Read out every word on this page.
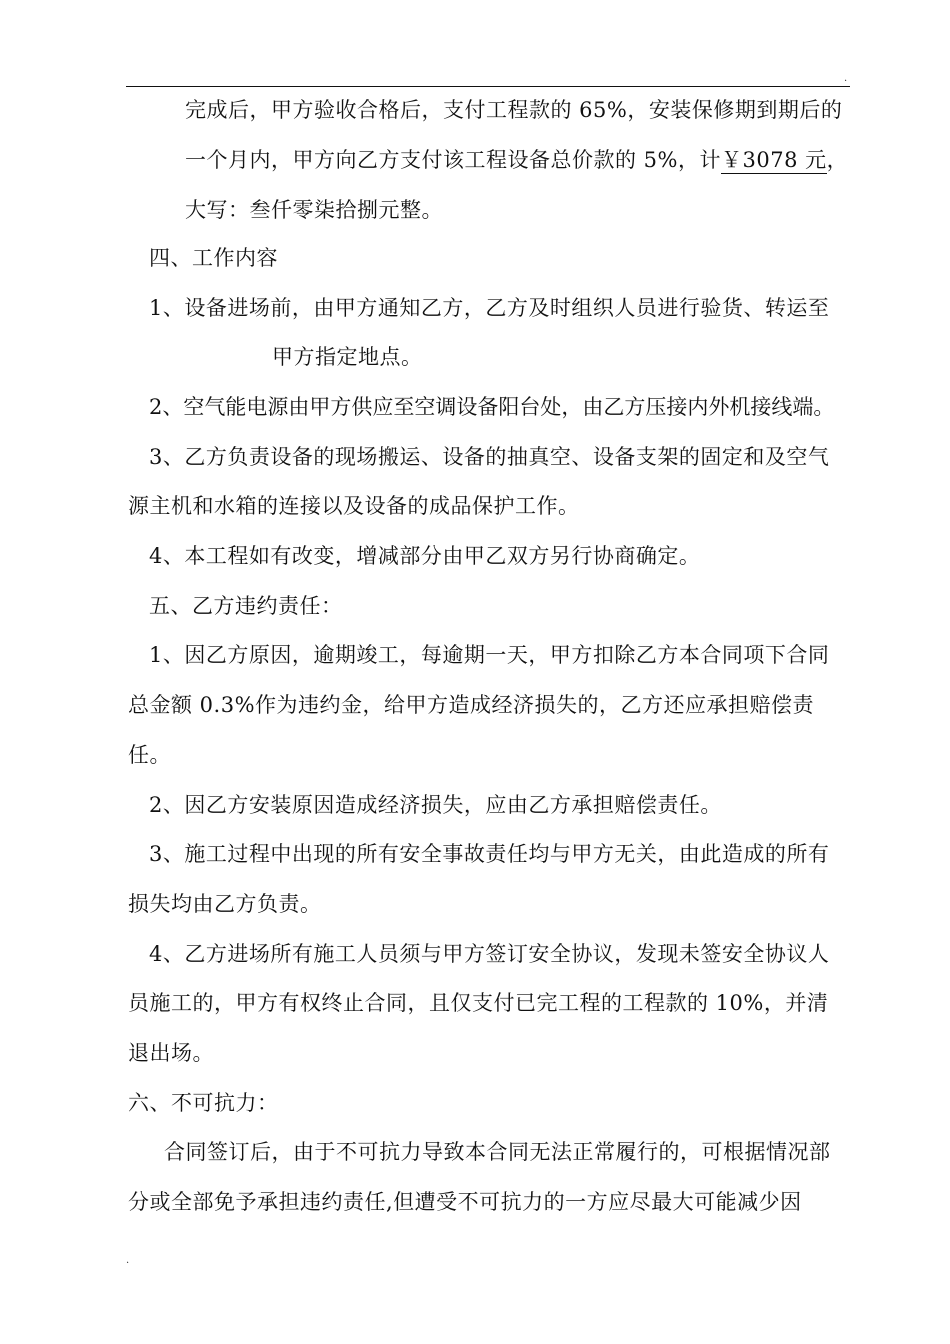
.
完成后，甲方验收合格后，支付工程款的 65%，安装保修期到期后的
一个月内，甲方向乙方支付该工程设备总价款的 5%，计￥3078 元，
大写：叁仟零柒拾捌元整。
四、工作内容
1、设备进场前，由甲方通知乙方，乙方及时组织人员进行验货、转运至
甲方指定地点。
2、空气能电源由甲方供应至空调设备阳台处，由乙方压接内外机接线端。
3、乙方负责设备的现场搬运、设备的抽真空、设备支架的固定和及空气
源主机和水箱的连接以及设备的成品保护工作。
4、本工程如有改变，增减部分由甲乙双方另行协商确定。
五、乙方违约责任：
1、因乙方原因，逾期竣工，每逾期一天，甲方扣除乙方本合同项下合同
总金额 0.3%作为违约金，给甲方造成经济损失的，乙方还应承担赔偿责
任。
2、因乙方安装原因造成经济损失，应由乙方承担赔偿责任。
3、施工过程中出现的所有安全事故责任均与甲方无关，由此造成的所有
损失均由乙方负责。
4、乙方进场所有施工人员须与甲方签订安全协议，发现未签安全协议人
员施工的，甲方有权终止合同，且仅支付已完工程的工程款的 10%，并清
退出场。
六、不可抗力：
合同签订后，由于不可抗力导致本合同无法正常履行的，可根据情况部
分或全部免予承担违约责任,但遭受不可抗力的一方应尽最大可能减少因
.
